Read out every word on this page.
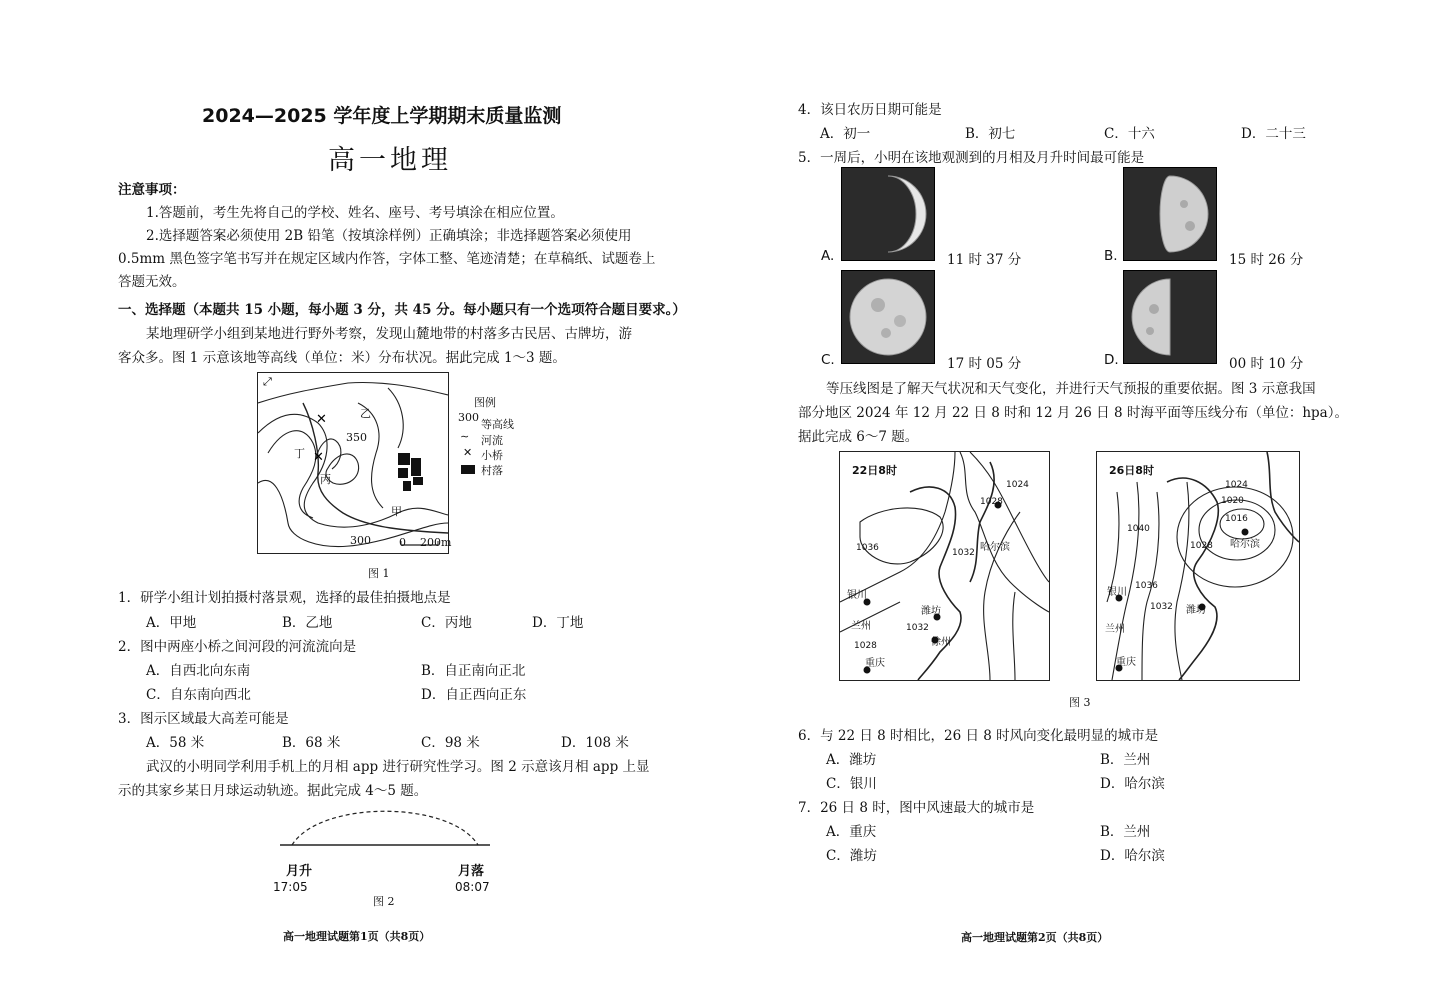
2024—2025 学年度上学期期末质量监测
高一地理
注意事项：
1.答题前，考生先将自己的学校、姓名、座号、考号填涂在相应位置。
2.选择题答案必须使用 2B 铅笔（按填涂样例）正确填涂；非选择题答案必须使用
0.5mm 黑色签字笔书写并在规定区域内作答，字体工整、笔迹清楚；在草稿纸、试题卷上
答题无效。
一、选择题（本题共 15 小题，每小题 3 分，共 45 分。每小题只有一个选项符合题目要求。）
某地理研学小组到某地进行野外考察，发现山麓地带的村落多古民居、古牌坊，游
客众多。图 1 示意该地等高线（单位：米）分布状况。据此完成 1～3 题。
⤢
✕
✕
350
300
甲
乙
丙
丁
0 200m
图例
300
等高线
∼ 河流
✕ 小桥
村落
图 1
1．研学小组计划拍摄村落景观，选择的最佳拍摄地点是
A．甲地	B．乙地	C．丙地	D．丁地
2．图中两座小桥之间河段的河流流向是
A．自西北向东南	B．自正南向正北
C．自东南向西北	D．自正西向正东
3．图示区域最大高差可能是
A．58 米	B．68 米	C．98 米	D．108 米
武汉的小明同学利用手机上的月相 app 进行研究性学习。图 2 示意该月相 app 上显
示的其家乡某日月球运动轨迹。据此完成 4～5 题。
月升
17:05
月落
08:07
图 2
高一地理试题第1页（共8页）
4．该日农历日期可能是
A．初一	B．初七	C．十六	D．二十三
5．一周后，小明在该地观测到的月相及月升时间最可能是
A.	11 时 37 分	B.	15 时 26 分
C.	17 时 05 分	D.	00 时 10 分
等压线图是了解天气状况和天气变化，并进行天气预报的重要依据。图 3 示意我国
部分地区 2024 年 12 月 22 日 8 时和 12 月 26 日 8 时海平面等压线分布（单位：hpa）。
据此完成 6～7 题。
22日8时
1024
1028
1036	1032
1032
1028
哈尔滨
银川
潍坊
徐州
兰州
重庆
26日8时
1024
1020
1016
1040
1028
1036
1032
哈尔滨
银川
潍坊
兰州
重庆
图 3
6．与 22 日 8 时相比，26 日 8 时风向变化最明显的城市是
A．潍坊	B．兰州
C．银川	D．哈尔滨
7．26 日 8 时，图中风速最大的城市是
A．重庆	B．兰州
C．潍坊	D．哈尔滨
高一地理试题第2页（共8页）
